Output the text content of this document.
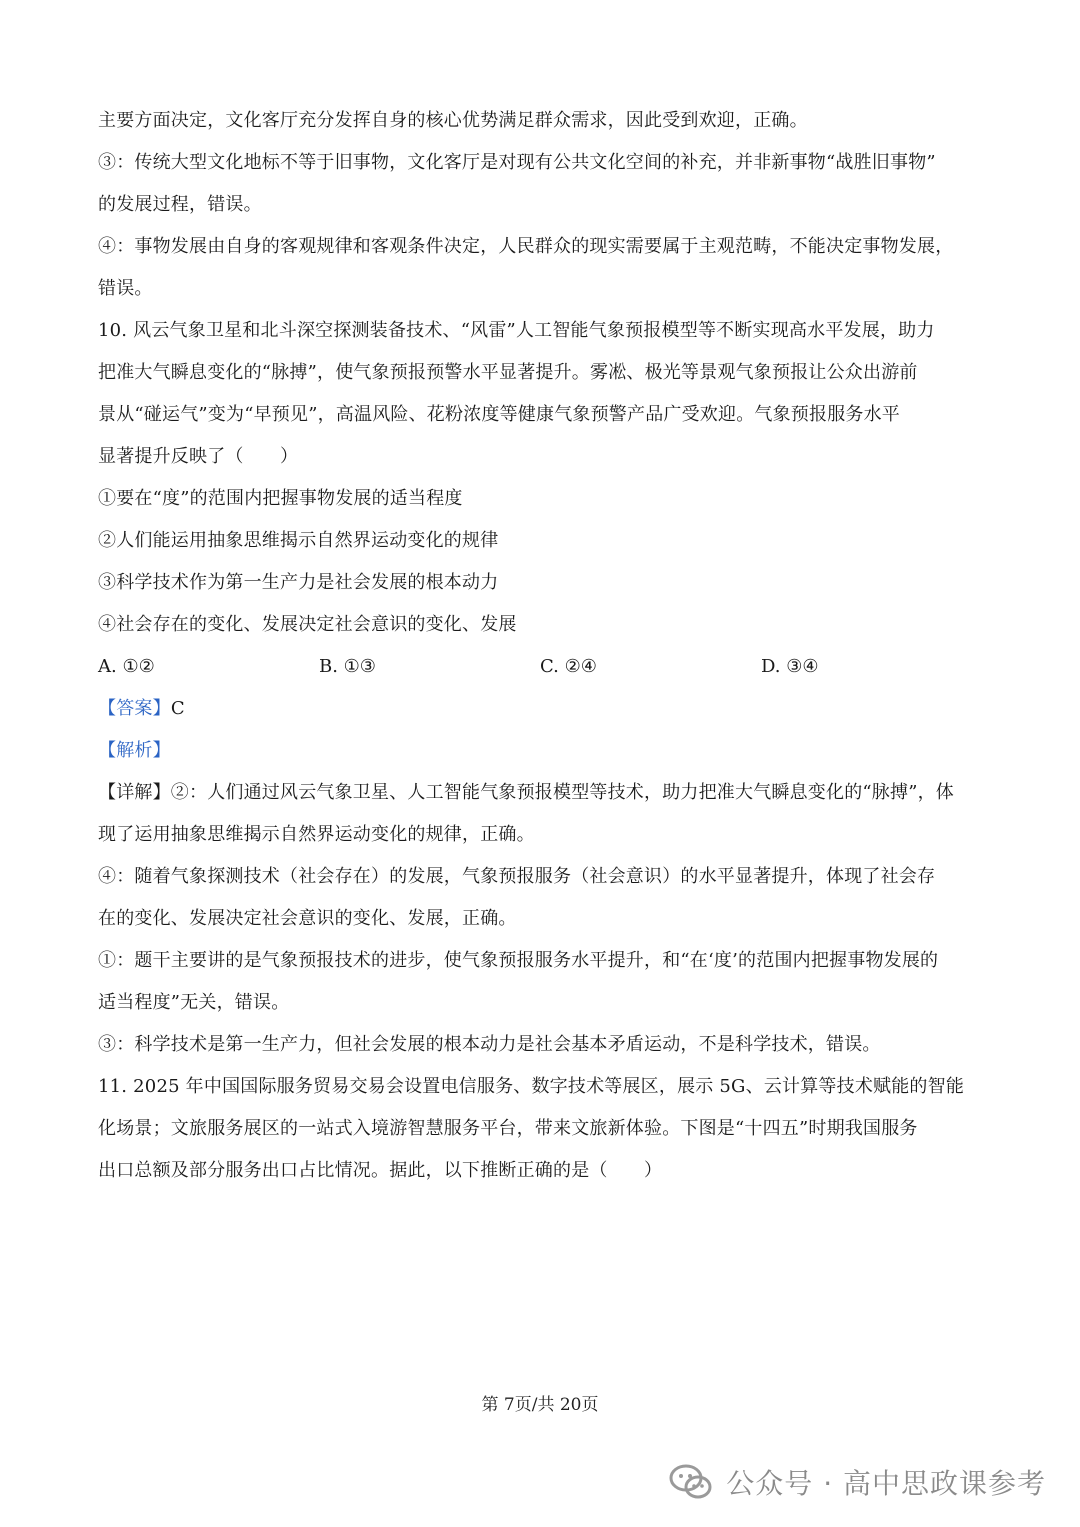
主要方面决定，文化客厅充分发挥自身的核心优势满足群众需求，因此受到欢迎，正确。
③：传统大型文化地标不等于旧事物，文化客厅是对现有公共文化空间的补充，并非新事物“战胜旧事物”
的发展过程，错误。
④：事物发展由自身的客观规律和客观条件决定，人民群众的现实需要属于主观范畴，不能决定事物发展，
错误。
10. 风云气象卫星和北斗深空探测装备技术、“风雷”人工智能气象预报模型等不断实现高水平发展，助力
把准大气瞬息变化的“脉搏”，使气象预报预警水平显著提升。雾凇、极光等景观气象预报让公众出游前
景从“碰运气”变为“早预见”，高温风险、花粉浓度等健康气象预警产品广受欢迎。气象预报服务水平
显著提升反映了（　　）
①要在“度”的范围内把握事物发展的适当程度
②人们能运用抽象思维揭示自然界运动变化的规律
③科学技术作为第一生产力是社会发展的根本动力
④社会存在的变化、发展决定社会意识的变化、发展
A. ①②	B. ①③	C. ②④	D. ③④
【答案】C
【解析】
【详解】②：人们通过风云气象卫星、人工智能气象预报模型等技术，助力把准大气瞬息变化的“脉搏”，体
现了运用抽象思维揭示自然界运动变化的规律，正确。
④：随着气象探测技术（社会存在）的发展，气象预报服务（社会意识）的水平显著提升，体现了社会存
在的变化、发展决定社会意识的变化、发展，正确。
①：题干主要讲的是气象预报技术的进步，使气象预报服务水平提升，和“在‘度’的范围内把握事物发展的
适当程度”无关，错误。
③：科学技术是第一生产力，但社会发展的根本动力是社会基本矛盾运动，不是科学技术，错误。
11. 2025 年中国国际服务贸易交易会设置电信服务、数字技术等展区，展示 5G、云计算等技术赋能的智能
化场景；文旅服务展区的一站式入境游智慧服务平台，带来文旅新体验。下图是“十四五”时期我国服务
出口总额及部分服务出口占比情况。据此，以下推断正确的是（　　）
第 7页/共 20页
公众号 · 高中思政课参考
